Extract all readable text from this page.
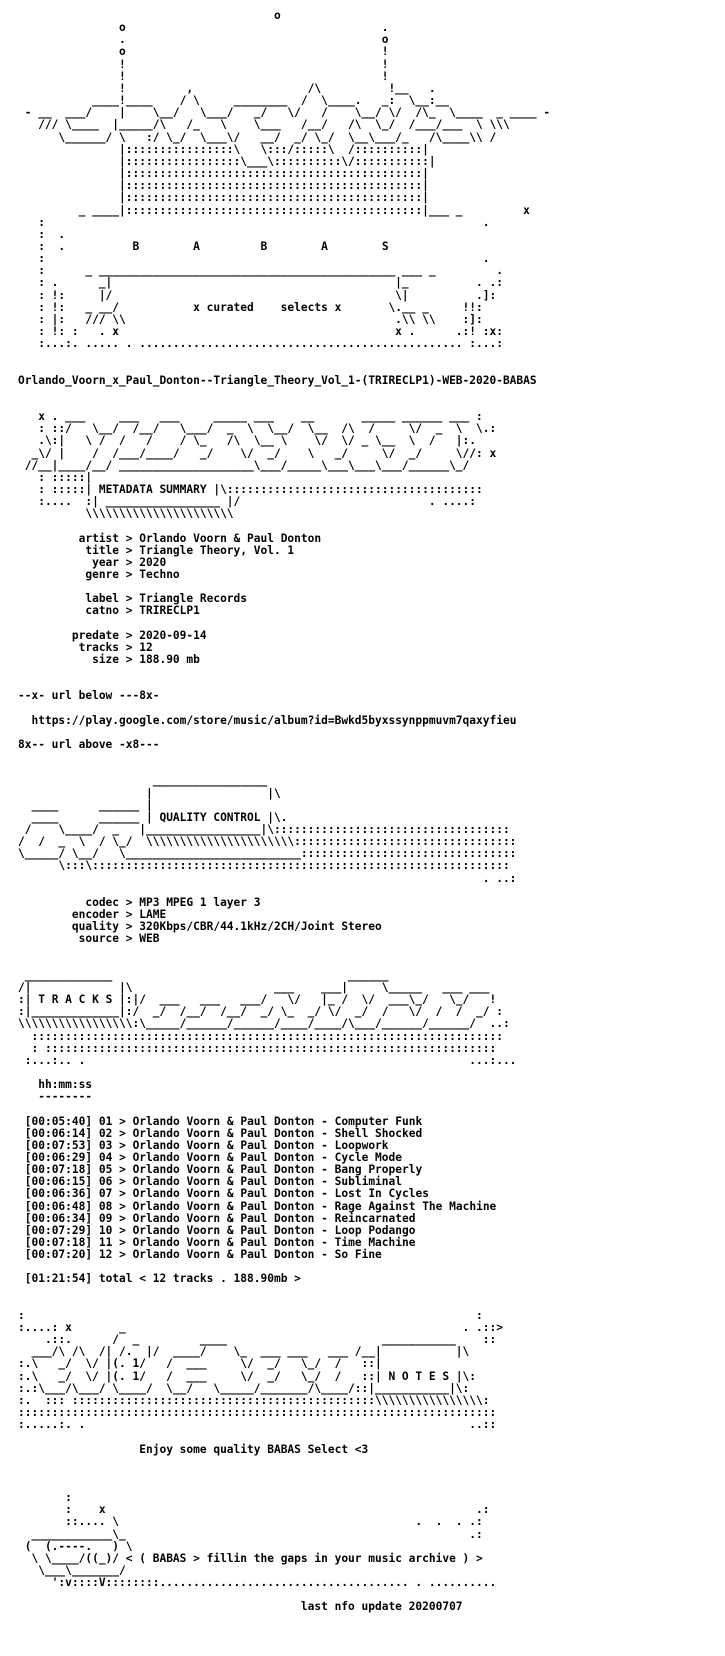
o
o                                      .
.                                      o
o                                      !
!                                      !
!                                      !
!         ,                 /\          !__   .
____!____    / \     ________  /  \____.   _:  \__:__
- __  ___/    |    \__/   \___/   _/   \/   /    \__/ \/  /\_  \____  _ ____ -
/// \____  |_____/\   /_   \    \___   /__/   /\  \_/  /___/___  \ \\\
\______/ \   :/ \_/  \___\/   __/  _/ \_/  \__\___/_   /\____\\ /
|::::::::::::::::\   \:::/:::::\  /::::::::::|
|:::::::::::::::::\___\::::::::::\/:::::::::::|
|::::::::::::::::::::::::::::::::::::::::::::|
|::::::::::::::::::::::::::::::::::::::::::::|
|::::::::::::::::::::::::::::::::::::::::::::|
_ ____|::::::::::::::::::::::::::::::::::::::::::::|___ _         x
:                                                                 .
:  .
:  .          B	A	B	A	S
:                                                                 .
:      _ ____________________________________________ ___ _         .
: .      _|                                          |_          . .:
: !:     |/                                          \|          .]:
: !:   _ __/           x curated    selects x       \.__ _     !!:
: |:   /// \\                                        .\\ \\    :]:
: !: :   . x                                         x .      .:! :x:
:...:. ..... . ................................................ :...:
Orlando_Voorn_x_Paul_Donton--Triangle_Theory_Vol_1-(TRIRECLP1)-WEB-2020-BABAS
x . ___     ___   ___     _____ ___    __       _____ ______ ___ :
: ::/   \__/  /__/   \___/  _  \  \__/  \__  /\  /     \/  _  \  \.:
.\:|   \ /  /   /    / \_   /\  \__ \    \/  \/ _ \__  \  /   |:.
_\/ |    /  /___/____/   _/    \/  _/    \   _/     \/  _/     \//: x
//__|____/__/ ____________________\___/_____\___\___\___/______\_/
: :::::|
: :::::| METADATA SUMMARY |\::::::::::::::::::::::::::::::::::::::
:....  :| _________________ |/                            . ....:
\\\\\\\\\\\\\\\\\\\\\\
artist > Orlando Voorn & Paul Donton
title > Triangle Theory, Vol. 1
year > 2020
genre > Techno
label > Triangle Records
catno > TRIRECLP1
predate > 2020-09-14
tracks > 12
size > 188.90 mb
--x- url below ---8x-
https://play.google.com/store/music/album?id=Bwkd5byxssynppmuvm7qaxyfieu
8x-- url above -x8---
_________________
|                 |\
____      ______ |
____      ______ | QUALITY CONTROL |\.
/    \____/  _   |_________________|\:::::::::::::::::::::::::::::::::::
/  /  _  \  / \_/  \\\\\\\\\\\\\\\\\\\\\\:::::::::::::::::::::::::::::::::
\_____/ \__/   \__________________________::::::::::::::::::::::::::::::::
\:::\::::::::::::::::::::::::::::::::::::::::::::::::::::::::::::::
. ..:
codec > MP3 MPEG 1 layer 3
encoder > LAME
quality > 320Kbps/CBR/44.1kHz/2CH/Joint Stereo
source > WEB
_____________                                   ______
/|             |\                     ___    ___|     \_____   ___ ___
:| T R A C K S |:|/  ___   ___   ___/   \/   |_ /  \/  ___\_/   \_/   !
:|_____________|:/  _/  /__/  /__/  _/ \_  _/ \/  _/  /   \/  /  /  _/ :
\\\\\\\\\\\\\\\\\:\_____/______/______/____/____/\___/______/______/  ..:
::::::::::::::::::::::::::::::::::::::::::::::::::::::::::::::::::::::
: :::::::::::::::::::::::::::::::::::::::::::::::::::::::::::::::::::
:...:.. .                                                         ...:...
hh:mm:ss
--------
[00:05:40] 01 > Orlando Voorn & Paul Donton - Computer Funk
[00:06:14] 02 > Orlando Voorn & Paul Donton - Shell Shocked
[00:07:53] 03 > Orlando Voorn & Paul Donton - Loopwork
[00:06:29] 04 > Orlando Voorn & Paul Donton - Cycle Mode
[00:07:18] 05 > Orlando Voorn & Paul Donton - Bang Properly
[00:06:15] 06 > Orlando Voorn & Paul Donton - Subliminal
[00:06:36] 07 > Orlando Voorn & Paul Donton - Lost In Cycles
[00:06:48] 08 > Orlando Voorn & Paul Donton - Rage Against The Machine
[00:06:34] 09 > Orlando Voorn & Paul Donton - Reincarnated
[00:07:29] 10 > Orlando Voorn & Paul Donton - Loop Podango
[00:07:18] 11 > Orlando Voorn & Paul Donton - Time Machine
[00:07:20] 12 > Orlando Voorn & Paul Donton - So Fine
[01:21:54] total < 12 tracks . 188.90mb >
:                                                                   :
:....: x       _                                                  . .::>
.::.      /  _         ____                       ___________    ::
___/\ /\  /| /.  |/  ____/    \_  ___ ___   ___ /__|           |\
:.\   _/  \/ |(. 1/   /  ___     \/  _/   \_/  /   ::|
:.\   _/  \/ |(. 1/   /  ___     \/  _/   \_/  /   ::| N O T E S |\:
:.:\___/\___/ \____/  \__/   \_____/_______/\____/::|___________|\:
:.  ::: :::::::::::::::::::::::::::::::::::::::::::::\\\\\\\\\\\\\\\\:
:::::::::::::::::::::::::::::::::::::::::::::::::::::::::::::::::::::::
:.....:. .                                                         ..::
Enjoy some quality BABAS Select <3
:
:    x                                                       .:
::.... \                                            .  .  . .:
____________\_                                                   .:
(  (.----.   ) \
\ \____/((_)/ < ( BABAS > fillin the gaps in your music archive ) >
\___\_______/
':v::::V::::::::..................................... . ..........
last nfo update 20200707
